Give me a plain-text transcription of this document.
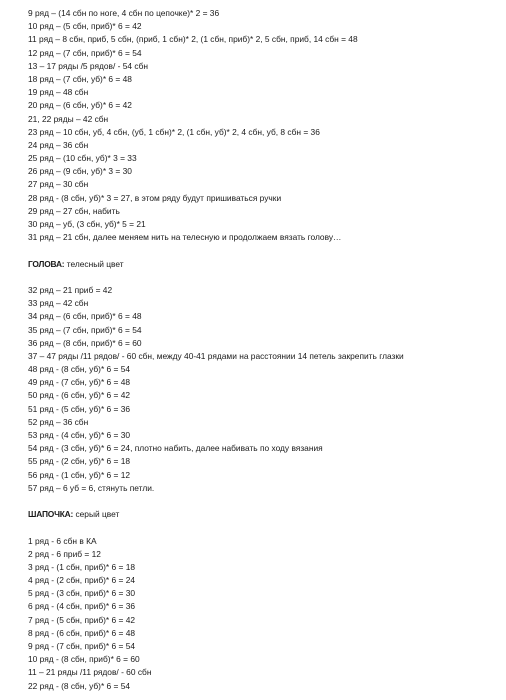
9 ряд – (14 сбн по ноге, 4 сбн по цепочке)* 2 = 36
10 ряд – (5 сбн, приб)* 6 = 42
11 ряд – 8 сбн, приб, 5 сбн, (приб, 1 сбн)* 2, (1 сбн, приб)* 2, 5 сбн, приб, 14 сбн = 48
12 ряд – (7 сбн, приб)* 6 = 54
13 – 17 ряды /5 рядов/ - 54 сбн
18 ряд – (7 сбн, уб)* 6 = 48
19 ряд – 48 сбн
20 ряд – (6 сбн, уб)* 6 = 42
21, 22 ряды – 42 сбн
23 ряд – 10 сбн, уб, 4 сбн, (уб, 1 сбн)* 2, (1 сбн, уб)* 2, 4 сбн, уб, 8 сбн = 36
24 ряд – 36 сбн
25 ряд – (10 сбн, уб)* 3 = 33
26 ряд – (9 сбн, уб)* 3 = 30
27 ряд – 30 сбн
28 ряд - (8 сбн, уб)* 3 = 27, в этом ряду будут пришиваться ручки
29 ряд – 27 сбн, набить
30 ряд – уб, (3 сбн, уб)* 5 = 21
31 ряд – 21 сбн, далее меняем нить на телесную и продолжаем вязать голову…
ГОЛОВА: телесный цвет
32 ряд – 21 приб = 42
33 ряд – 42 сбн
34 ряд – (6 сбн, приб)* 6 = 48
35 ряд – (7 сбн, приб)* 6 = 54
36 ряд – (8 сбн, приб)* 6 = 60
37 – 47 ряды /11 рядов/ - 60 сбн, между 40-41 рядами на расстоянии 14 петель закрепить глазки
48 ряд - (8 сбн, уб)* 6 = 54
49 ряд - (7 сбн, уб)* 6 = 48
50 ряд - (6 сбн, уб)* 6 = 42
51 ряд - (5 сбн, уб)* 6 = 36
52 ряд – 36 сбн
53 ряд - (4 сбн, уб)* 6 = 30
54 ряд - (3 сбн, уб)* 6 = 24, плотно набить, далее набивать по ходу вязания
55 ряд - (2 сбн, уб)* 6 = 18
56 ряд - (1 сбн, уб)* 6 = 12
57 ряд – 6 уб = 6, стянуть петли.
ШАПОЧКА: серый цвет
1 ряд - 6 сбн в КА
2 ряд - 6 приб = 12
3 ряд - (1 сбн, приб)* 6 = 18
4 ряд - (2 сбн, приб)* 6 = 24
5 ряд - (3 сбн, приб)* 6 = 30
6 ряд - (4 сбн, приб)* 6 = 36
7 ряд - (5 сбн, приб)* 6 = 42
8 ряд - (6 сбн, приб)* 6 = 48
9 ряд - (7 сбн, приб)* 6 = 54
10 ряд - (8 сбн, приб)* 6 = 60
11 – 21 ряды /11 рядов/ - 60 сбн
22 ряд - (8 сбн, уб)* 6 = 54
